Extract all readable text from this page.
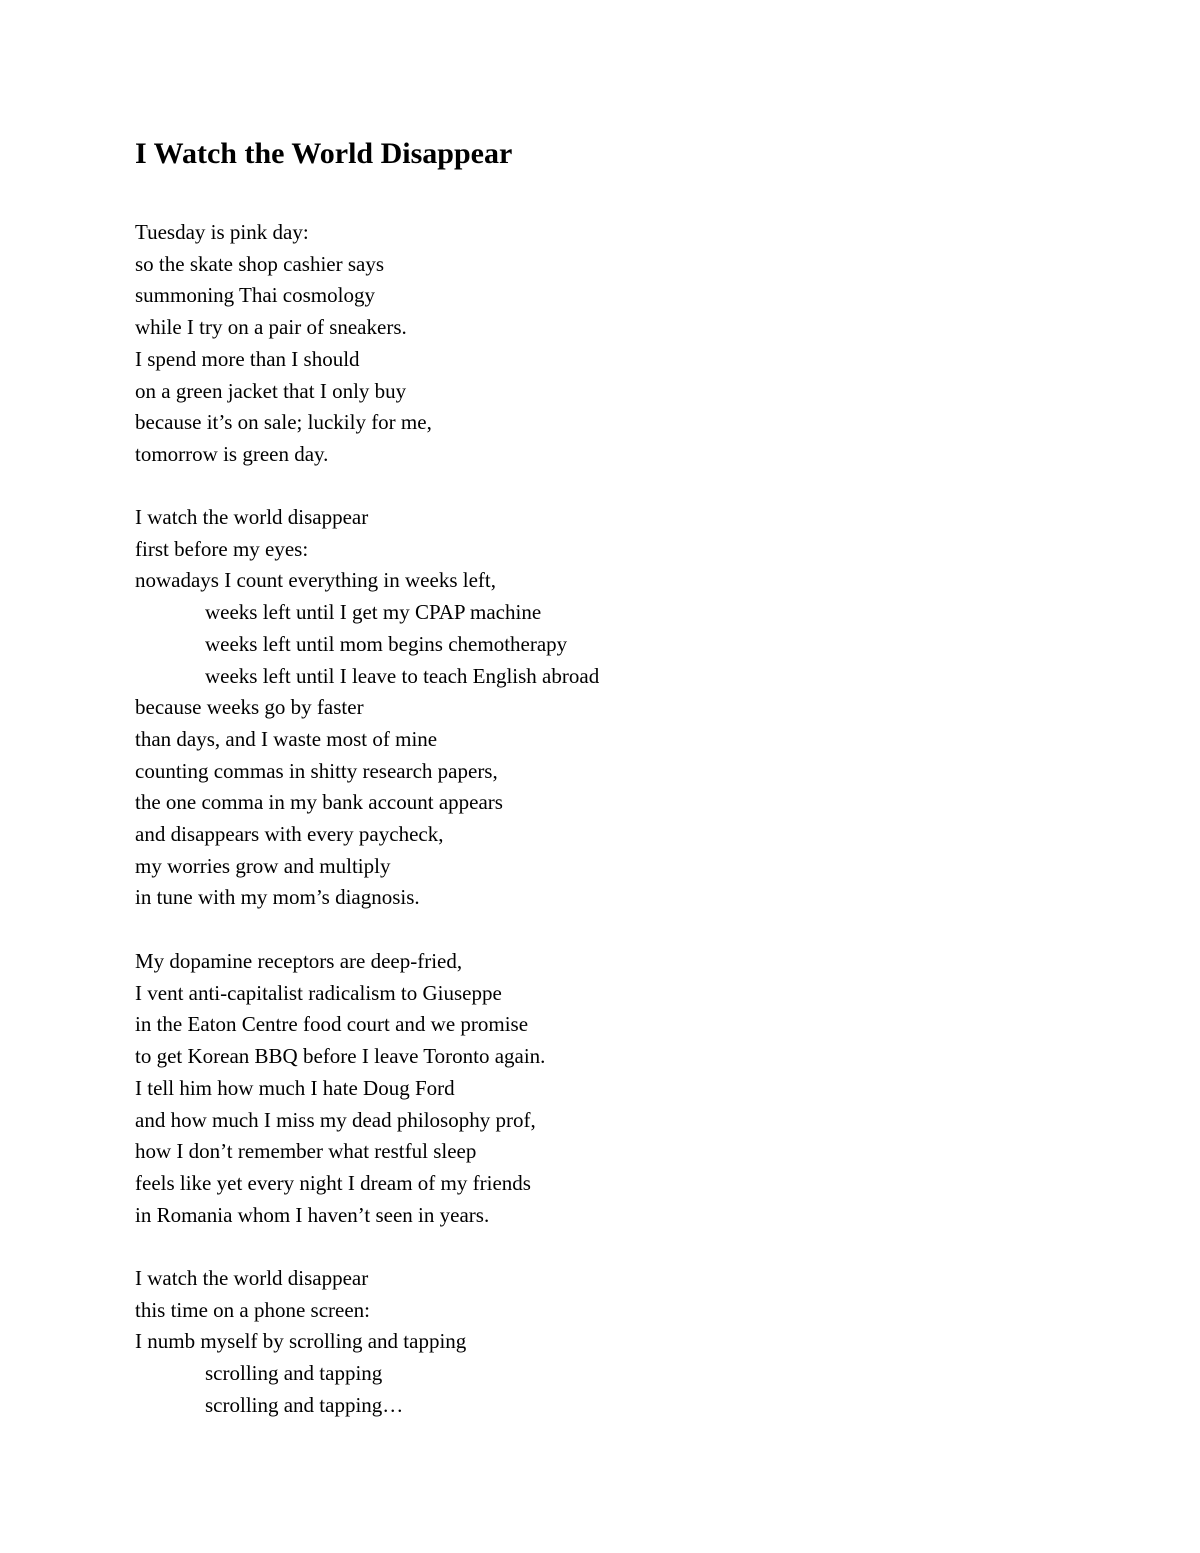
I Watch the World Disappear
Tuesday is pink day:
so the skate shop cashier says
summoning Thai cosmology
while I try on a pair of sneakers.
I spend more than I should
on a green jacket that I only buy
because it’s on sale; luckily for me,
tomorrow is green day.
I watch the world disappear
first before my eyes:
nowadays I count everything in weeks left,
weeks left until I get my CPAP machine
weeks left until mom begins chemotherapy
weeks left until I leave to teach English abroad
because weeks go by faster
than days, and I waste most of mine
counting commas in shitty research papers,
the one comma in my bank account appears
and disappears with every paycheck,
my worries grow and multiply
in tune with my mom’s diagnosis.
My dopamine receptors are deep-fried,
I vent anti-capitalist radicalism to Giuseppe
in the Eaton Centre food court and we promise
to get Korean BBQ before I leave Toronto again.
I tell him how much I hate Doug Ford
and how much I miss my dead philosophy prof,
how I don’t remember what restful sleep
feels like yet every night I dream of my friends
in Romania whom I haven’t seen in years.
I watch the world disappear
this time on a phone screen:
I numb myself by scrolling and tapping
scrolling and tapping
scrolling and tapping…
